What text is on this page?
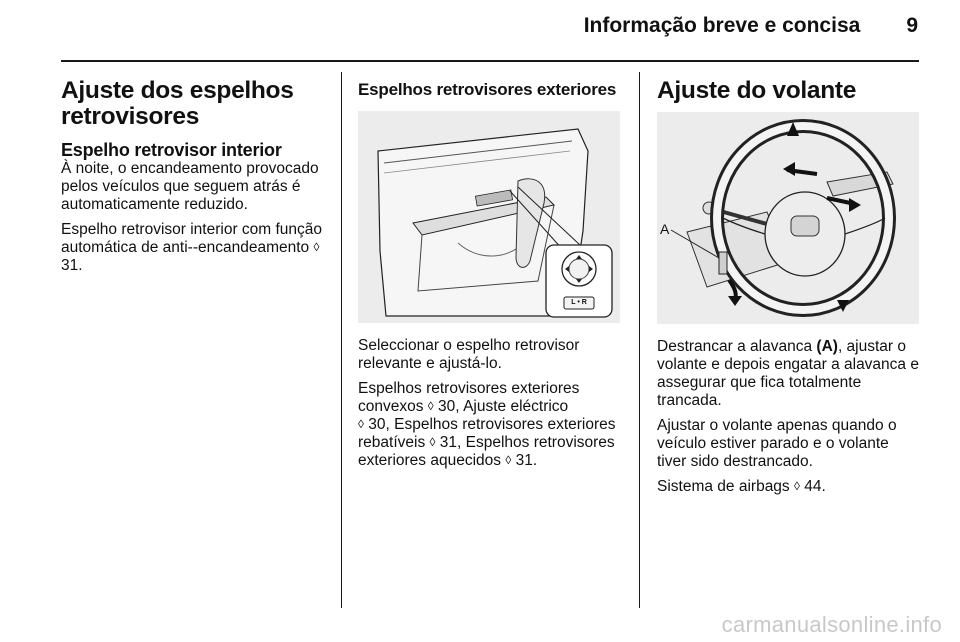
Informação breve e concisa 9
Ajuste dos espelhos retrovisores
Espelho retrovisor interior

À noite, o encandeamento provocado pelos veículos que seguem atrás é automaticamente reduzido.

Espelho retrovisor interior com função automática de anti--encandeamento ◊ 31.

Espelhos retrovisores exteriores
L • R

Seleccionar o espelho retrovisor relevante e ajustá-lo.

Espelhos retrovisores exteriores convexos ◊ 30, Ajuste eléctrico
◊ 30, Espelhos retrovisores exteriores rebatíveis ◊ 31, Espelhos retrovisores exteriores aquecidos ◊ 31.

Ajuste do volante
A

Destrancar a alavanca (A), ajustar o volante e depois engatar a alavanca e assegurar que fica totalmente trancada.

Ajustar o volante apenas quando o veículo estiver parado e o volante tiver sido destrancado.

Sistema de airbags ◊ 44.

carmanualsonline.info
